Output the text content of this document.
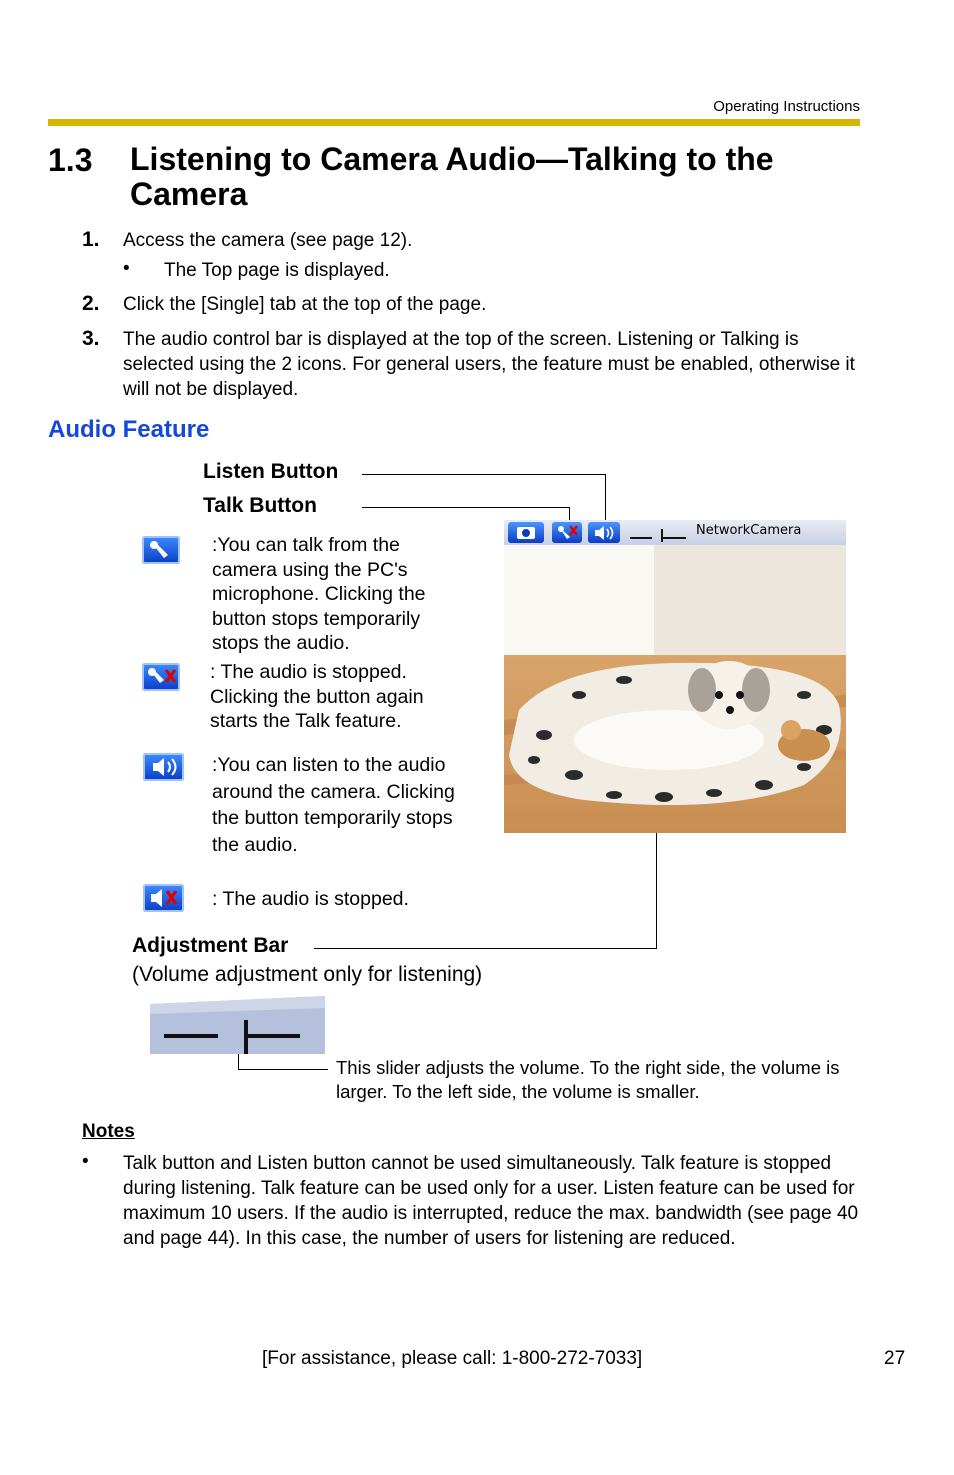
Operating Instructions
1.3 Listening to Camera Audio—Talking to the Camera
1. Access the camera (see page 12).
• The Top page is displayed.
2. Click the [Single] tab at the top of the page.
3. The audio control bar is displayed at the top of the screen. Listening or Talking is selected using the 2 icons. For general users, the feature must be enabled, otherwise it will not be displayed.
Audio Feature
Listen Button
Talk Button
:You can talk from the camera using the PC's microphone. Clicking the button stops temporarily stops the audio.
: The audio is stopped. Clicking the button again starts the Talk feature.
:You can listen to the audio around the camera. Clicking the button temporarily stops the audio.
: The audio is stopped.
NetworkCamera
Adjustment Bar
(Volume adjustment only for listening)
This slider adjusts the volume. To the right side, the volume is larger. To the left side, the volume is smaller.
Notes
• Talk button and Listen button cannot be used simultaneously. Talk feature is stopped during listening. Talk feature can be used only for a user. Listen feature can be used for maximum 10 users. If the audio is interrupted, reduce the max. bandwidth (see page 40 and page 44). In this case, the number of users for listening are reduced.
[For assistance, please call: 1-800-272-7033]	27
